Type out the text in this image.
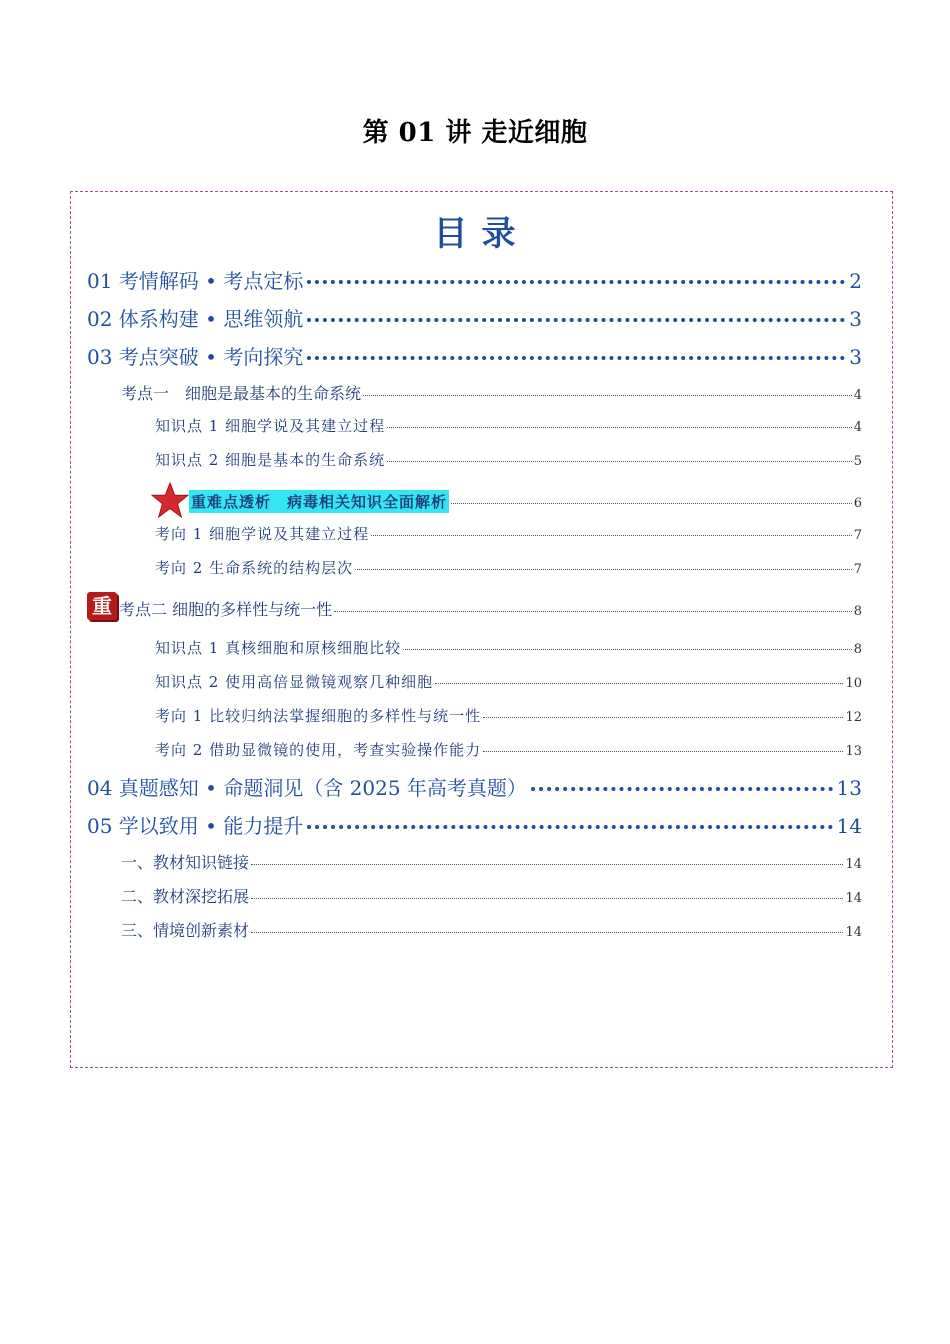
第 01 讲 走近细胞
目录
01 考情解码 • 考点定标	2
02 体系构建 • 思维领航	3
03 考点突破 • 考向探究	3
考点一　细胞是最基本的生命系统	4
知识点 1 细胞学说及其建立过程	4
知识点 2 细胞是基本的生命系统	5
重难点透析　病毒相关知识全面解析	6
考向 1 细胞学说及其建立过程	7
考向 2 生命系统的结构层次	7
重 考点二 细胞的多样性与统一性	8
知识点 1 真核细胞和原核细胞比较	8
知识点 2 使用高倍显微镜观察几种细胞	10
考向 1 比较归纳法掌握细胞的多样性与统一性	12
考向 2 借助显微镜的使用，考查实验操作能力	13
04 真题感知 • 命题洞见（含 2025 年高考真题）	13
05 学以致用 • 能力提升	14
一、教材知识链接	14
二、教材深挖拓展	14
三、情境创新素材	14
